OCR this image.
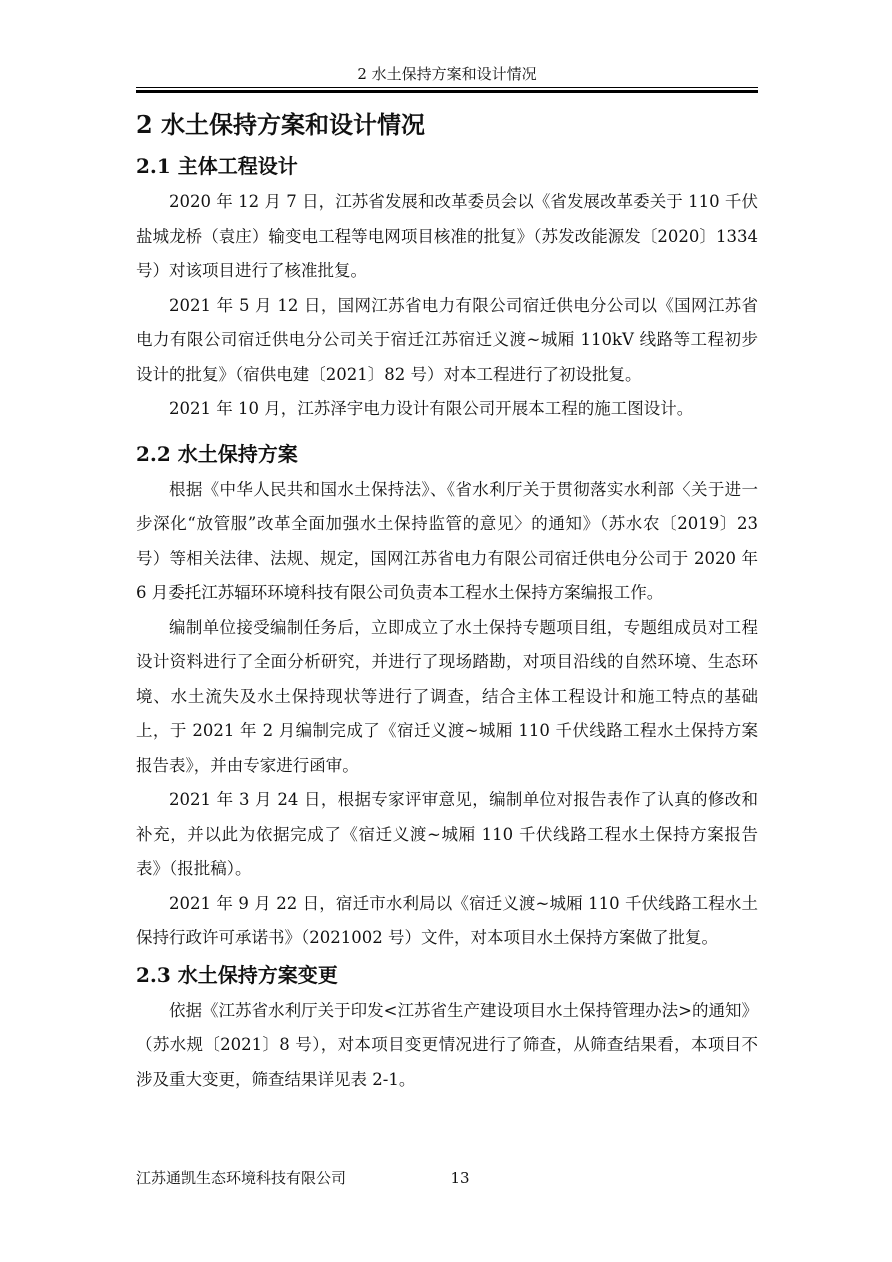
2 水土保持方案和设计情况
2 水土保持方案和设计情况
2.1 主体工程设计

2020 年 12 月 7 日，江苏省发展和改革委员会以《省发展改革委关于 110 千伏盐城龙桥（袁庄）输变电工程等电网项目核准的批复》（苏发改能源发〔2020〕1334 号）对该项目进行了核准批复。

2021 年 5 月 12 日，国网江苏省电力有限公司宿迁供电分公司以《国网江苏省电力有限公司宿迁供电分公司关于宿迁江苏宿迁义渡~城厢 110kV 线路等工程初步设计的批复》（宿供电建〔2021〕82 号）对本工程进行了初设批复。

2021 年 10 月，江苏泽宇电力设计有限公司开展本工程的施工图设计。

2.2 水土保持方案

根据《中华人民共和国水土保持法》、《省水利厅关于贯彻落实水利部〈关于进一步深化“放管服”改革全面加强水土保持监管的意见〉的通知》（苏水农〔2019〕23 号）等相关法律、法规、规定，国网江苏省电力有限公司宿迁供电分公司于 2020 年 6 月委托江苏辐环环境科技有限公司负责本工程水土保持方案编报工作。

编制单位接受编制任务后，立即成立了水土保持专题项目组，专题组成员对工程设计资料进行了全面分析研究，并进行了现场踏勘，对项目沿线的自然环境、生态环境、水土流失及水土保持现状等进行了调查，结合主体工程设计和施工特点的基础上，于 2021 年 2 月编制完成了《宿迁义渡~城厢 110 千伏线路工程水土保持方案报告表》，并由专家进行函审。

2021 年 3 月 24 日，根据专家评审意见，编制单位对报告表作了认真的修改和补充，并以此为依据完成了《宿迁义渡~城厢 110 千伏线路工程水土保持方案报告表》（报批稿）。

2021 年 9 月 22 日，宿迁市水利局以《宿迁义渡~城厢 110 千伏线路工程水土保持行政许可承诺书》（2021002 号）文件，对本项目水土保持方案做了批复。

2.3 水土保持方案变更

依据《江苏省水利厅关于印发<江苏省生产建设项目水土保持管理办法>的通知》（苏水规〔2021〕8 号），对本项目变更情况进行了筛查，从筛查结果看，本项目不涉及重大变更，筛查结果详见表 2-1。

江苏通凯生态环境科技有限公司	13
